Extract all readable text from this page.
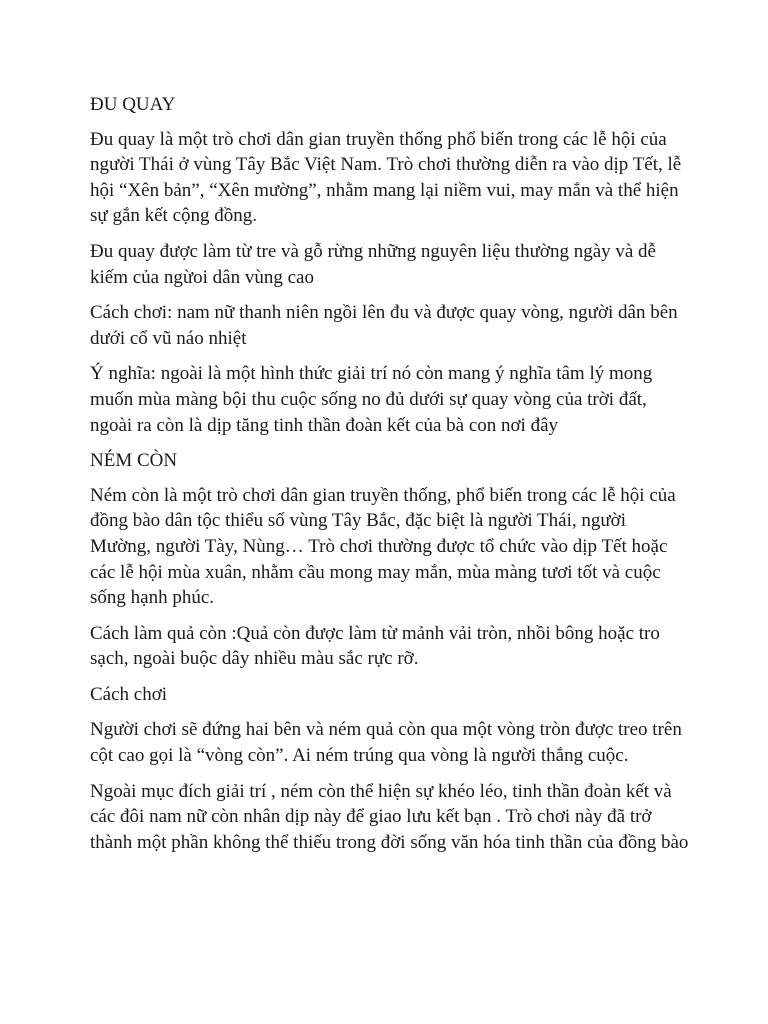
ĐU QUAY

Đu quay là một trò chơi dân gian truyền thống phổ biến trong các lễ hội của người Thái ở vùng Tây Bắc Việt Nam. Trò chơi thường diễn ra vào dịp Tết, lễ hội “Xên bản”, “Xên mường”, nhằm mang lại niềm vui, may mắn và thể hiện sự gắn kết cộng đồng.

Đu quay được làm từ tre và gỗ rừng những nguyên liệu thường ngày và dễ kiếm của ngừoi dân vùng cao

Cách chơi: nam nữ thanh niên ngồi lên đu và được quay vòng, người dân bên dưới cổ vũ náo nhiệt

Ý nghĩa: ngoài là một hình thức giải trí nó còn mang ý nghĩa tâm lý mong muốn mùa màng bội thu cuộc sống no đủ dưới sự quay vòng của trời đất, ngoài ra còn là dịp tăng tinh thần đoàn kết của bà con nơi đây

NÉM CÒN

Ném còn là một trò chơi dân gian truyền thống, phổ biến trong các lễ hội của đồng bào dân tộc thiểu số vùng Tây Bắc, đặc biệt là người Thái, người Mường, người Tày, Nùng… Trò chơi thường được tổ chức vào dịp Tết hoặc các lễ hội mùa xuân, nhằm cầu mong may mắn, mùa màng tươi tốt và cuộc sống hạnh phúc.

Cách làm quả còn :Quả còn được làm từ mảnh vải tròn, nhồi bông hoặc tro sạch, ngoài buộc dây nhiều màu sắc rực rỡ.

Cách chơi

Người chơi sẽ đứng hai bên và ném quả còn qua một vòng tròn được treo trên cột cao gọi là “vòng còn”. Ai ném trúng qua vòng là người thắng cuộc.

Ngoài mục đích giải trí , ném còn thể hiện sự khéo léo, tinh thần đoàn kết và các đôi nam nữ còn nhân dịp này để giao lưu kết bạn . Trò chơi này đã trở thành một phần không thể thiếu trong đời sống văn hóa tinh thần của đồng bào
